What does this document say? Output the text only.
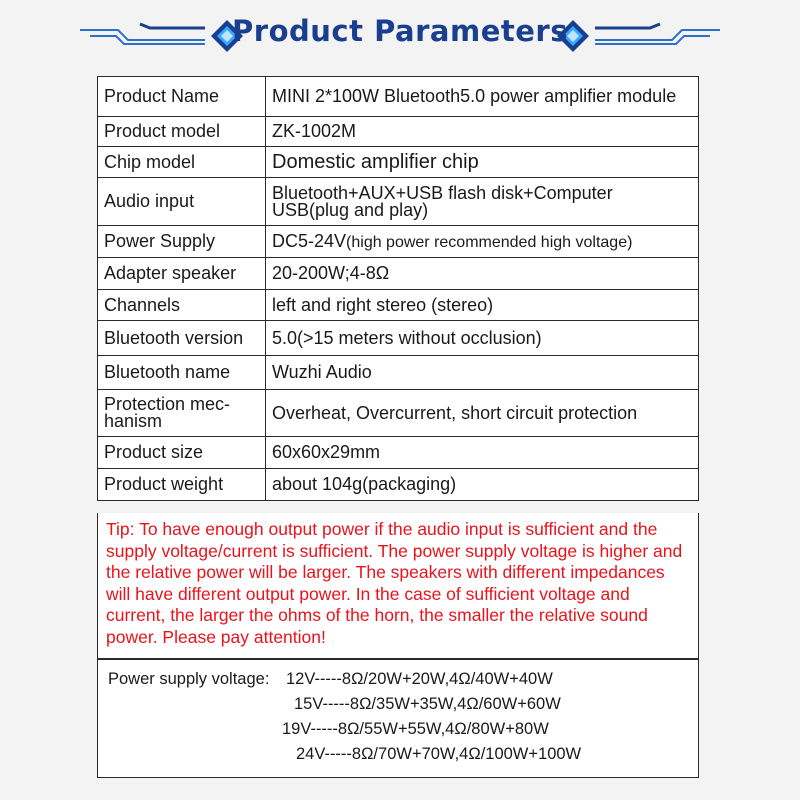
Product Parameters
Product Name	MINI 2*100W Bluetooth5.0 power amplifier module
Product model	ZK-1002M
Chip model	Domestic amplifier chip
Audio input	Bluetooth+AUX+USB flash disk+Computer USB(plug and play)
Power Supply	DC5-24V(high power recommended high voltage)
Adapter speaker	20-200W;4-8Ω
Channels	left and right stereo (stereo)
Bluetooth version	5.0(>15 meters without occlusion)
Bluetooth name	Wuzhi Audio
Protection mec-
hanism	Overheat, Overcurrent, short circuit protection
Product size	60x60x29mm
Product weight	about 104g(packaging)
Tip: To have enough output power if the audio input is sufficient and the supply voltage/current is sufficient. The power supply voltage is higher and the relative power will be larger. The speakers with different impedances will have different output power. In the case of sufficient voltage and current, the larger the ohms of the horn, the smaller the relative sound power. Please pay attention!
Power supply voltage: 12V-----8Ω/20W+20W,4Ω/40W+40W
15V-----8Ω/35W+35W,4Ω/60W+60W
19V-----8Ω/55W+55W,4Ω/80W+80W
24V-----8Ω/70W+70W,4Ω/100W+100W
